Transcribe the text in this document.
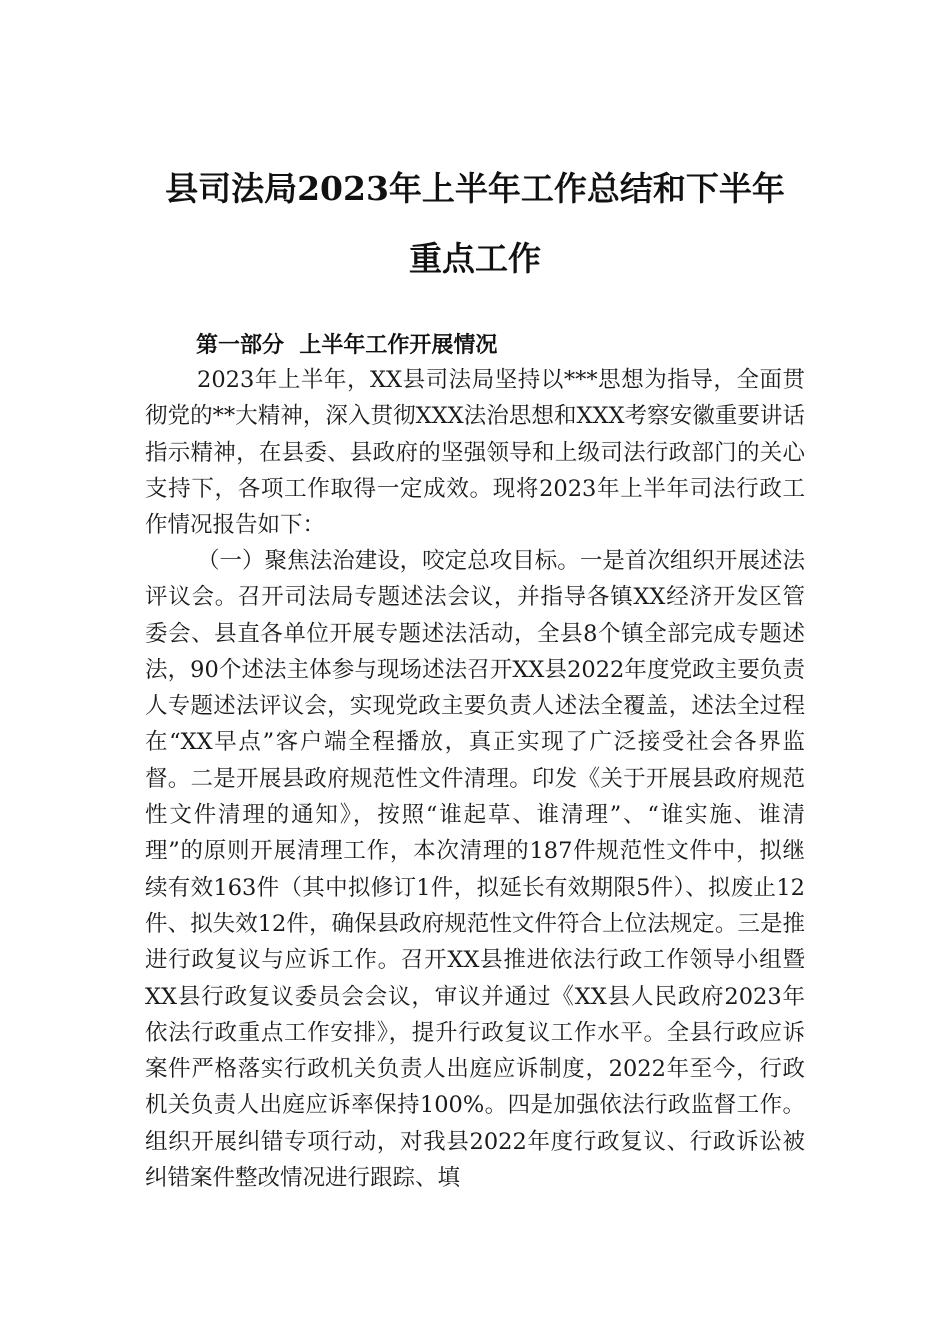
县司法局2023年上半年工作总结和下半年
重点工作
第一部分  上半年工作开展情况

2023年上半年，XX县司法局坚持以***思想为指导，全面贯彻党的**大精神，深入贯彻XXX法治思想和XXX考察安徽重要讲话指示精神，在县委、县政府的坚强领导和上级司法行政部门的关心支持下，各项工作取得一定成效。现将2023年上半年司法行政工作情况报告如下：

（一）聚焦法治建设，咬定总攻目标。一是首次组织开展述法评议会。召开司法局专题述法会议，并指导各镇XX经济开发区管委会、县直各单位开展专题述法活动，全县8个镇全部完成专题述法，90个述法主体参与现场述法召开XX县2022年度党政主要负责人专题述法评议会，实现党政主要负责人述法全覆盖，述法全过程在“XX早点”客户端全程播放，真正实现了广泛接受社会各界监督。二是开展县政府规范性文件清理。印发《关于开展县政府规范性文件清理的通知》，按照“谁起草、谁清理”、“谁实施、谁清理”的原则开展清理工作，本次清理的187件规范性文件中，拟继续有效163件（其中拟修订1件，拟延长有效期限5件）、拟废止12件、拟失效12件，确保县政府规范性文件符合上位法规定。三是推进行政复议与应诉工作。召开XX县推进依法行政工作领导小组暨XX县行政复议委员会会议，审议并通过《XX县人民政府2023年依法行政重点工作安排》，提升行政复议工作水平。全县行政应诉案件严格落实行政机关负责人出庭应诉制度，2022年至今，行政机关负责人出庭应诉率保持100%。四是加强依法行政监督工作。组织开展纠错专项行动，对我县2022年度行政复议、行政诉讼被纠错案件整改情况进行跟踪、填
